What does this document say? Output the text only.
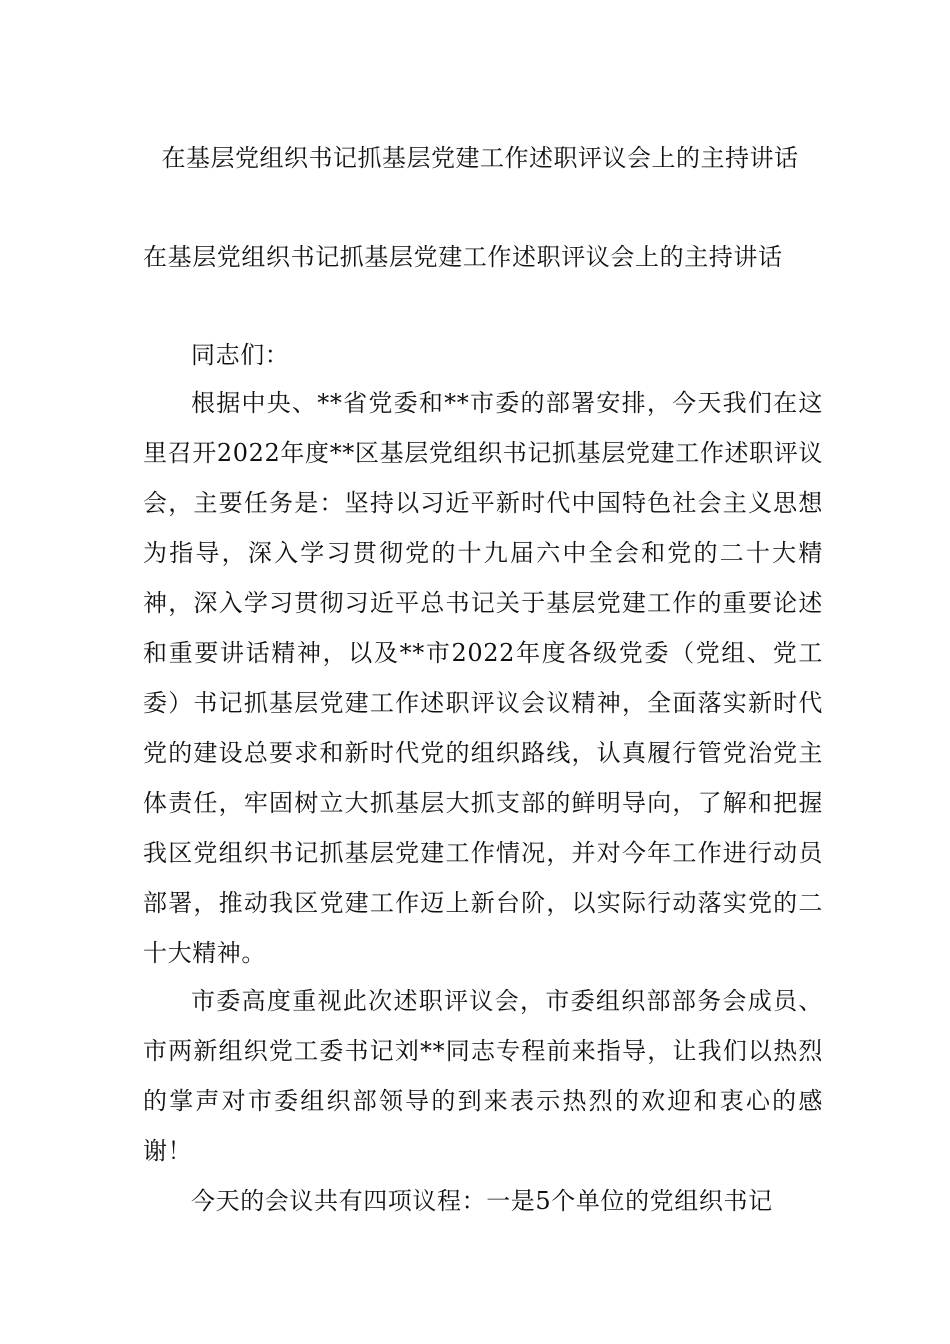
在基层党组织书记抓基层党建工作述职评议会上的主持讲话
在基层党组织书记抓基层党建工作述职评议会上的主持讲话

同志们：

根据中央、**省党委和**市委的部署安排，今天我们在这里召开2022年度**区基层党组织书记抓基层党建工作述职评议会，主要任务是：坚持以习近平新时代中国特色社会主义思想为指导，深入学习贯彻党的十九届六中全会和党的二十大精神，深入学习贯彻习近平总书记关于基层党建工作的重要论述和重要讲话精神，以及**市2022年度各级党委（党组、党工委）书记抓基层党建工作述职评议会议精神，全面落实新时代党的建设总要求和新时代党的组织路线，认真履行管党治党主体责任，牢固树立大抓基层大抓支部的鲜明导向，了解和把握我区党组织书记抓基层党建工作情况，并对今年工作进行动员部署，推动我区党建工作迈上新台阶，以实际行动落实党的二十大精神。

市委高度重视此次述职评议会，市委组织部部务会成员、市两新组织党工委书记刘**同志专程前来指导，让我们以热烈的掌声对市委组织部领导的到来表示热烈的欢迎和衷心的感谢！

今天的会议共有四项议程：一是5个单位的党组织书记
